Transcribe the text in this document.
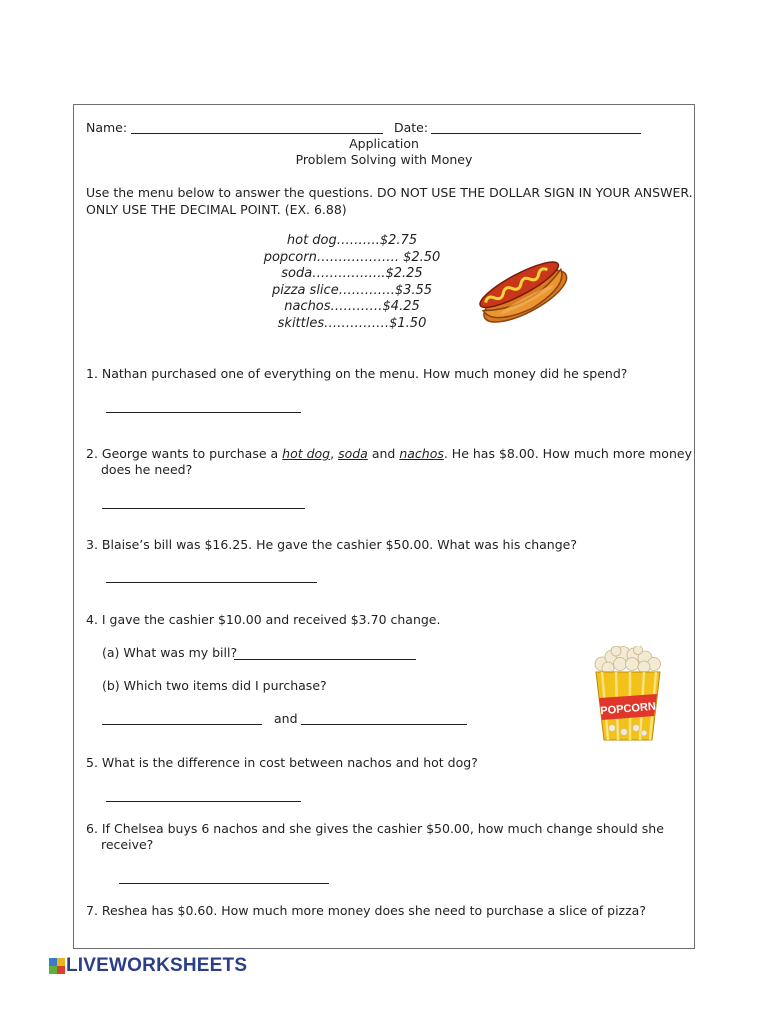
Name:	Date:
Application
Problem Solving with Money
Use the menu below to answer the questions. DO NOT USE THE DOLLAR SIGN IN YOUR ANSWER.
ONLY USE THE DECIMAL POINT. (EX. 6.88)
hot dog……….$2.75
popcorn………………. $2.50
soda……………..$2.25
pizza slice………….$3.55
nachos…………$4.25
skittles……………$1.50
1. Nathan purchased one of everything on the menu. How much money did he spend?
2. George wants to purchase a hot dog, soda and nachos. He has $8.00. How much more money
does he need?
3. Blaise’s bill was $16.25. He gave the cashier $50.00. What was his change?
4. I gave the cashier $10.00 and received $3.70 change.
(a) What was my bill?
(b) Which two items did I purchase?
and
POPCORN
5. What is the difference in cost between nachos and hot dog?
6. If Chelsea buys 6 nachos and she gives the cashier $50.00, how much change should she
receive?
7. Reshea has $0.60. How much more money does she need to purchase a slice of pizza?
LIVEWORKSHEETS
